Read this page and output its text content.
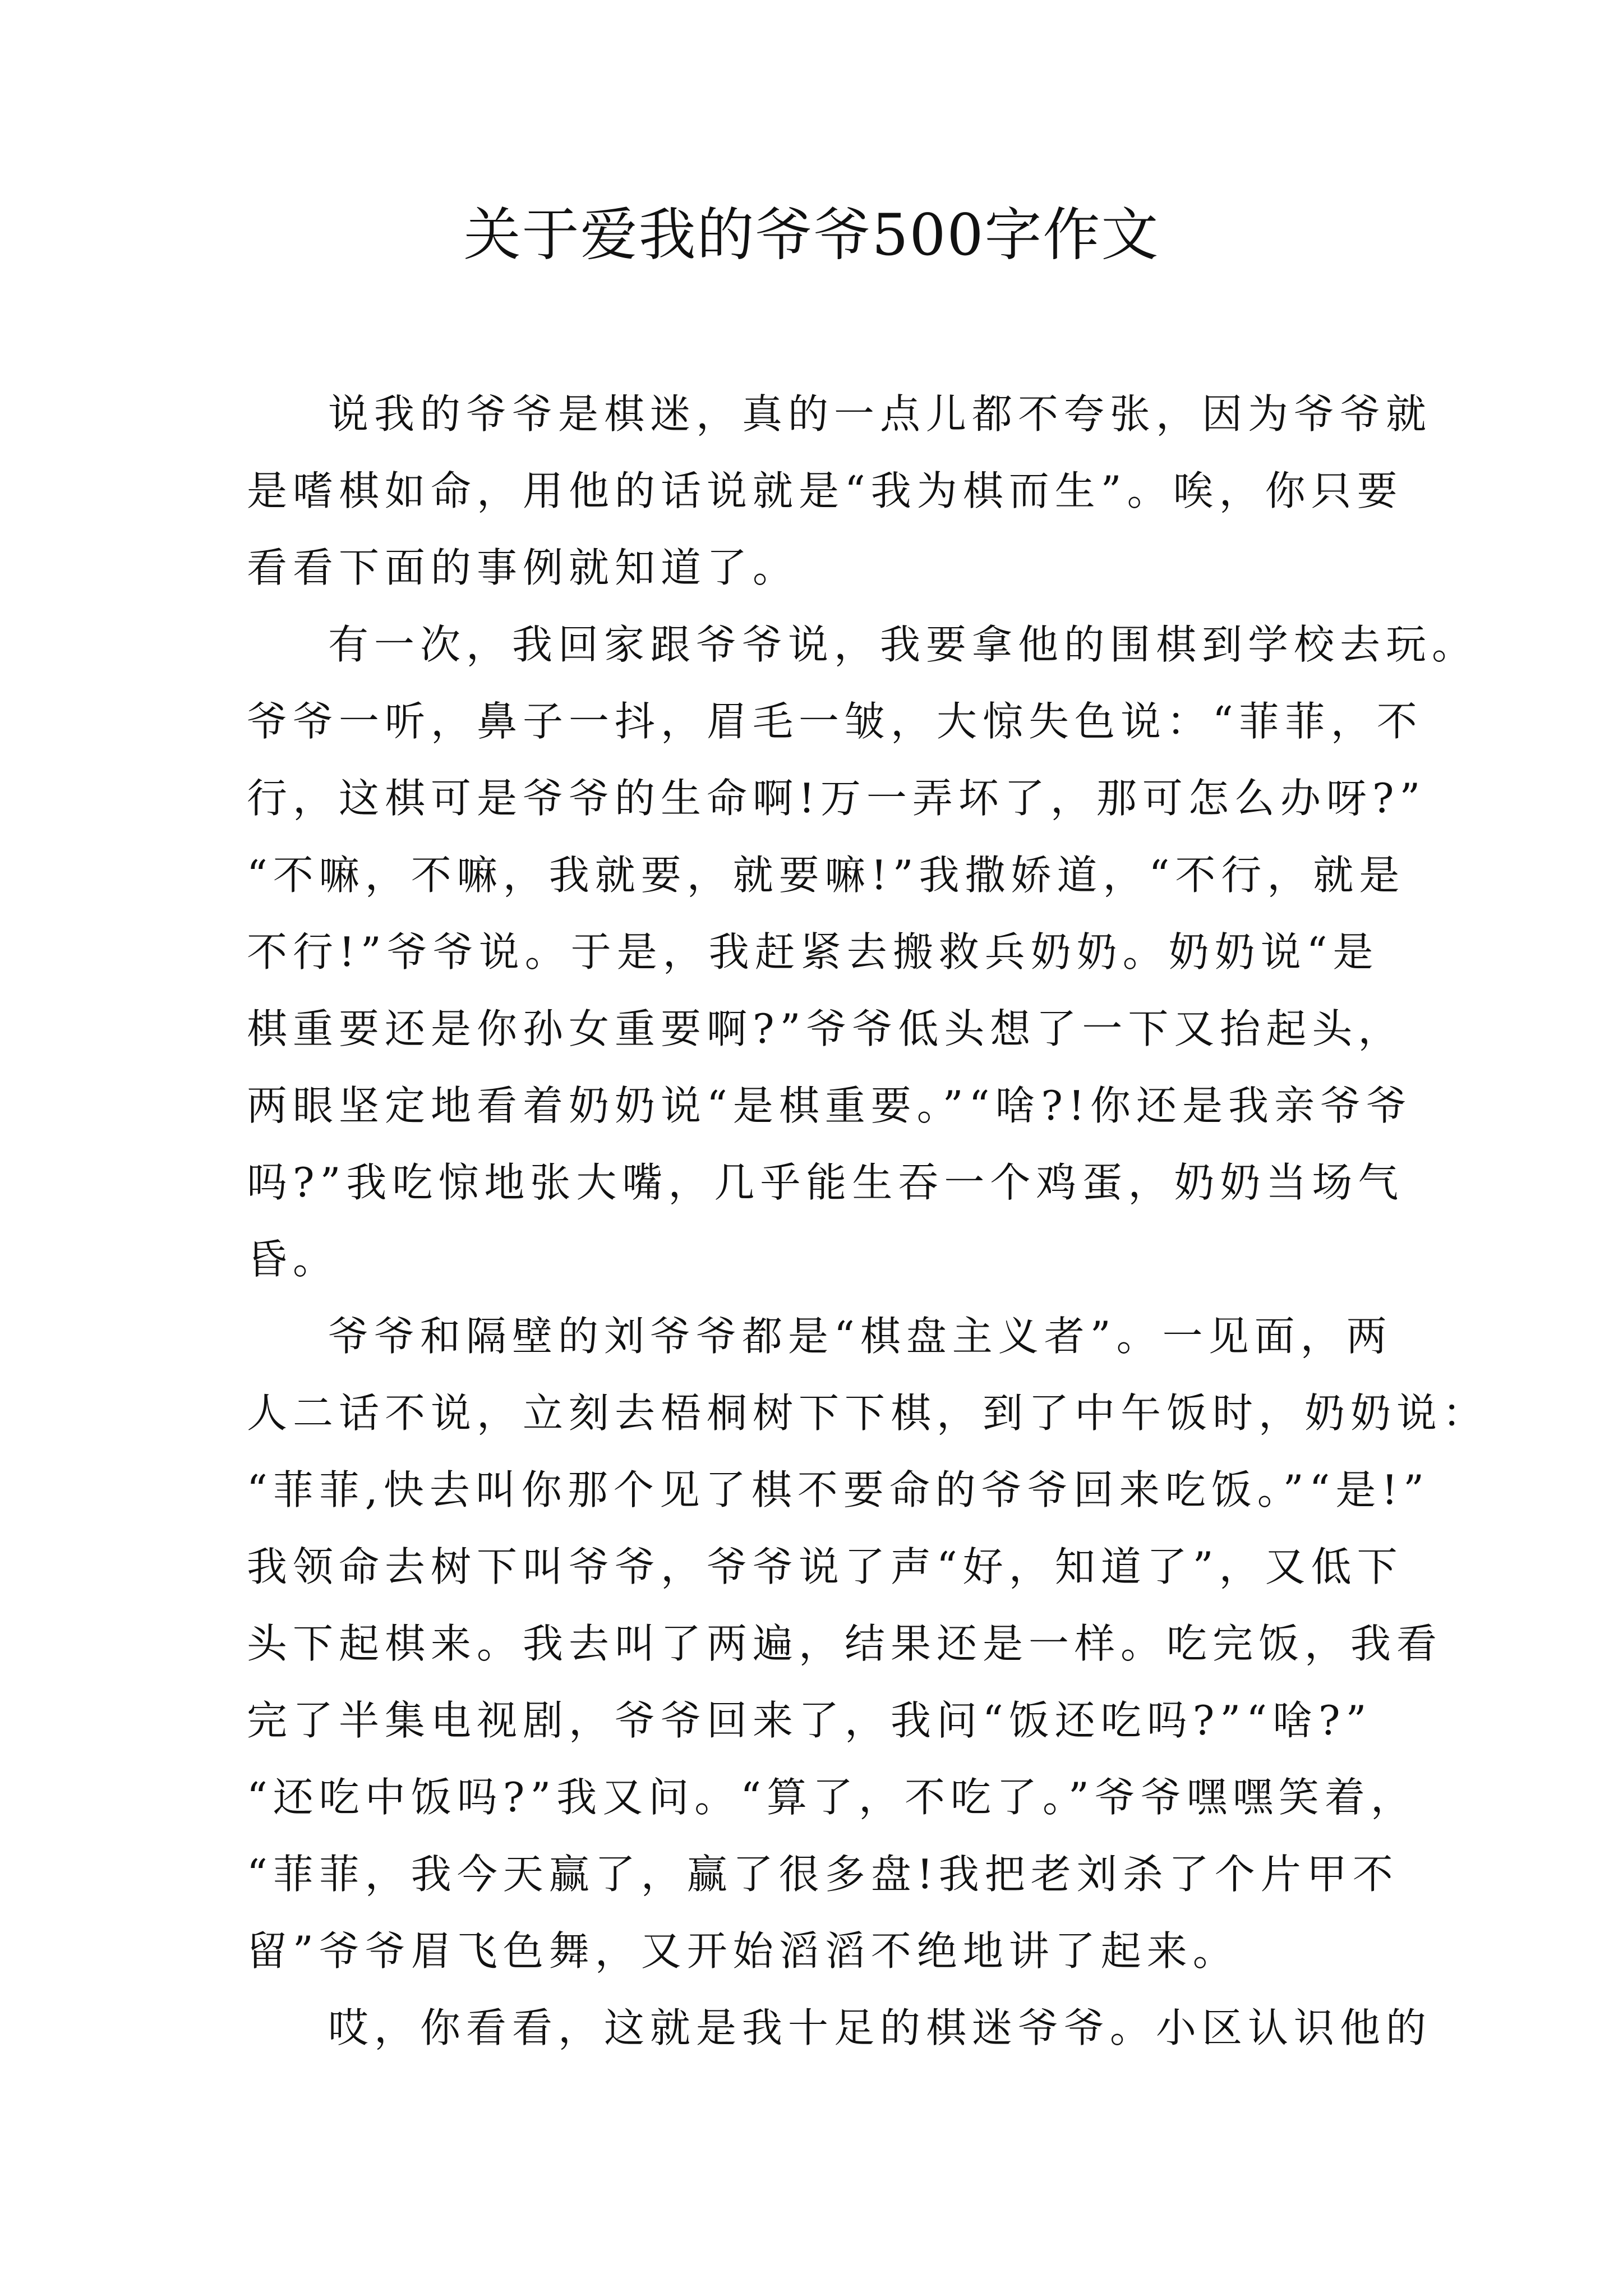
关于爱我的爷爷500字作文
说我的爷爷是棋迷，真的一点儿都不夸张，因为爷爷就
是嗜棋如命，用他的话说就是“我为棋而生”。唉，你只要
看看下面的事例就知道了。
有一次，我回家跟爷爷说，我要拿他的围棋到学校去玩。
爷爷一听，鼻子一抖，眉毛一皱，大惊失色说：“菲菲，不
行，这棋可是爷爷的生命啊!万一弄坏了，那可怎么办呀?”
“不嘛，不嘛，我就要，就要嘛!”我撒娇道，“不行，就是
不行!”爷爷说。于是，我赶紧去搬救兵奶奶。奶奶说“是
棋重要还是你孙女重要啊?”爷爷低头想了一下又抬起头，
两眼坚定地看着奶奶说“是棋重要。”“啥?!你还是我亲爷爷
吗?”我吃惊地张大嘴，几乎能生吞一个鸡蛋，奶奶当场气
昏。
爷爷和隔壁的刘爷爷都是“棋盘主义者”。一见面，两
人二话不说，立刻去梧桐树下下棋，到了中午饭时，奶奶说：
“菲菲,快去叫你那个见了棋不要命的爷爷回来吃饭。”“是!”
我领命去树下叫爷爷，爷爷说了声“好，知道了”，又低下
头下起棋来。我去叫了两遍，结果还是一样。吃完饭，我看
完了半集电视剧，爷爷回来了，我问“饭还吃吗?”“啥?”
“还吃中饭吗?”我又问。“算了，不吃了。”爷爷嘿嘿笑着，
“菲菲，我今天赢了，赢了很多盘!我把老刘杀了个片甲不
留”爷爷眉飞色舞，又开始滔滔不绝地讲了起来。
哎，你看看，这就是我十足的棋迷爷爷。小区认识他的
